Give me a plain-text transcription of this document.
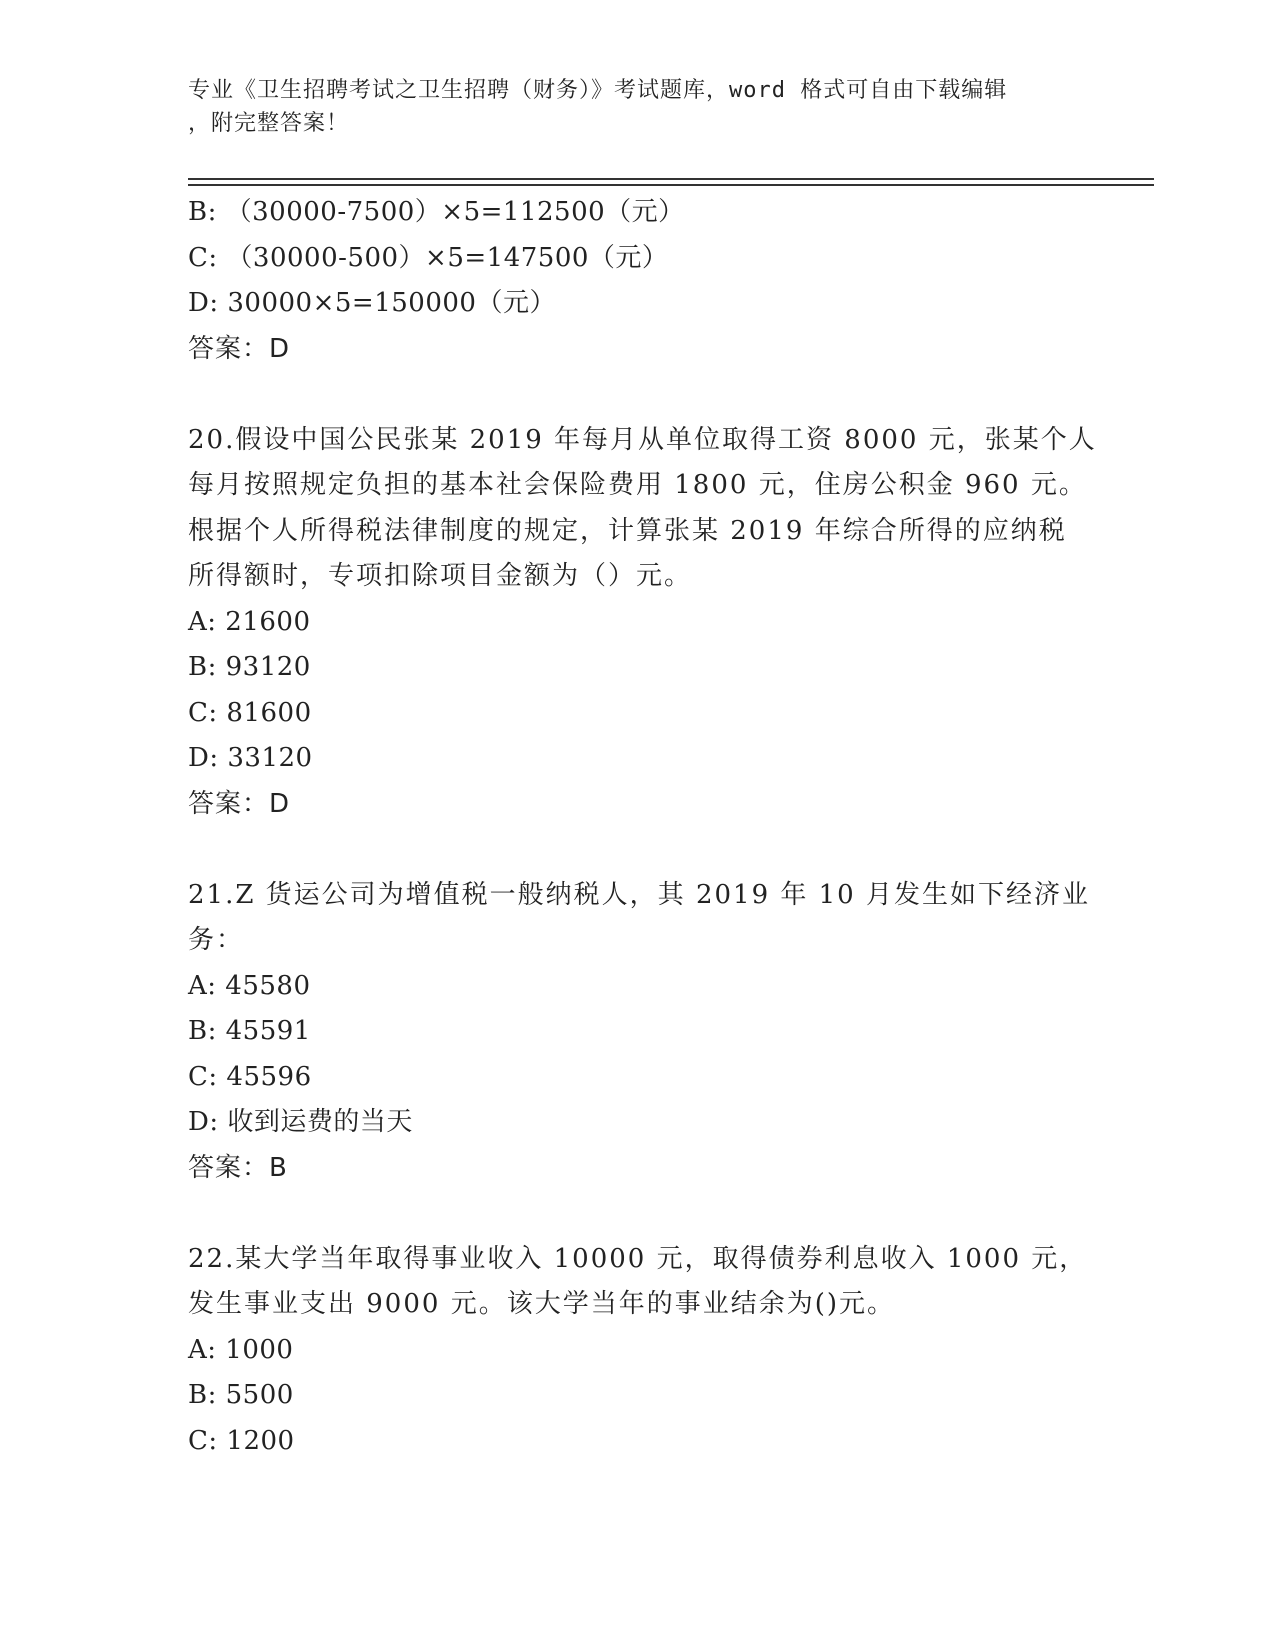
专业《卫生招聘考试之卫生招聘（财务）》考试题库，word 格式可自由下载编辑
，附完整答案！
B: （30000-7500）×5=112500（元）
C: （30000-500）×5=147500（元）
D: 30000×5=150000（元）
答案：D
20.假设中国公民张某 2019 年每月从单位取得工资 8000 元，张某个人
每月按照规定负担的基本社会保险费用 1800 元，住房公积金 960 元。
根据个人所得税法律制度的规定，计算张某 2019 年综合所得的应纳税
所得额时，专项扣除项目金额为（）元。
A: 21600
B: 93120
C: 81600
D: 33120
答案：D
21.Z 货运公司为增值税一般纳税人，其 2019 年 10 月发生如下经济业
务：
A: 45580
B: 45591
C: 45596
D: 收到运费的当天
答案：B
22.某大学当年取得事业收入 10000 元，取得债券利息收入 1000 元，
发生事业支出 9000 元。该大学当年的事业结余为()元。
A: 1000
B: 5500
C: 1200
